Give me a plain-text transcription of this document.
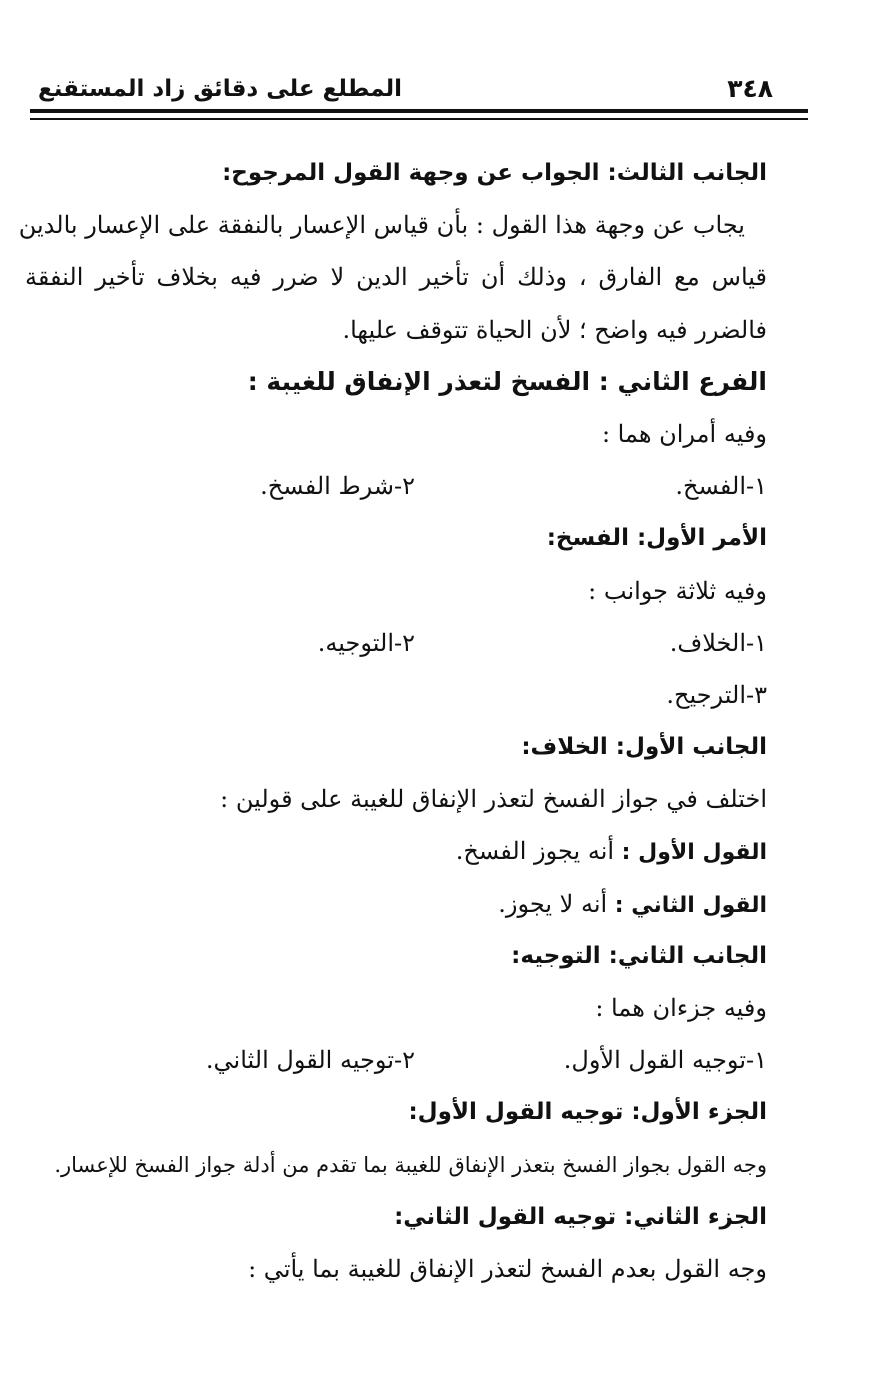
٣٤٨
المطلع على دقائق زاد المستقنع
الجانب الثالث: الجواب عن وجهة القول المرجوح:
يجاب عن وجهة هذا القول : بأن قياس الإعسار بالنفقة على الإعسار بالدين
قياس مع الفارق ، وذلك أن تأخير الدين لا ضرر فيه بخلاف تأخير النفقة
فالضرر فيه واضح ؛ لأن الحياة تتوقف عليها.
الفرع الثاني : الفسخ لتعذر الإنفاق للغيبة :
وفيه أمران هما :
١-الفسخ.
٢-شرط الفسخ.
الأمر الأول: الفسخ:
وفيه ثلاثة جوانب :
١-الخلاف.
٢-التوجيه.
٣-الترجيح.
الجانب الأول: الخلاف:
اختلف في جواز الفسخ لتعذر الإنفاق للغيبة على قولين :
القول الأول : أنه يجوز الفسخ.
القول الثاني : أنه لا يجوز.
الجانب الثاني: التوجيه:
وفيه جزءان هما :
١-توجيه القول الأول.
٢-توجيه القول الثاني.
الجزء الأول: توجيه القول الأول:
وجه القول بجواز الفسخ بتعذر الإنفاق للغيبة بما تقدم من أدلة جواز الفسخ للإعسار.
الجزء الثاني: توجيه القول الثاني:
وجه القول بعدم الفسخ لتعذر الإنفاق للغيبة بما يأتي :
